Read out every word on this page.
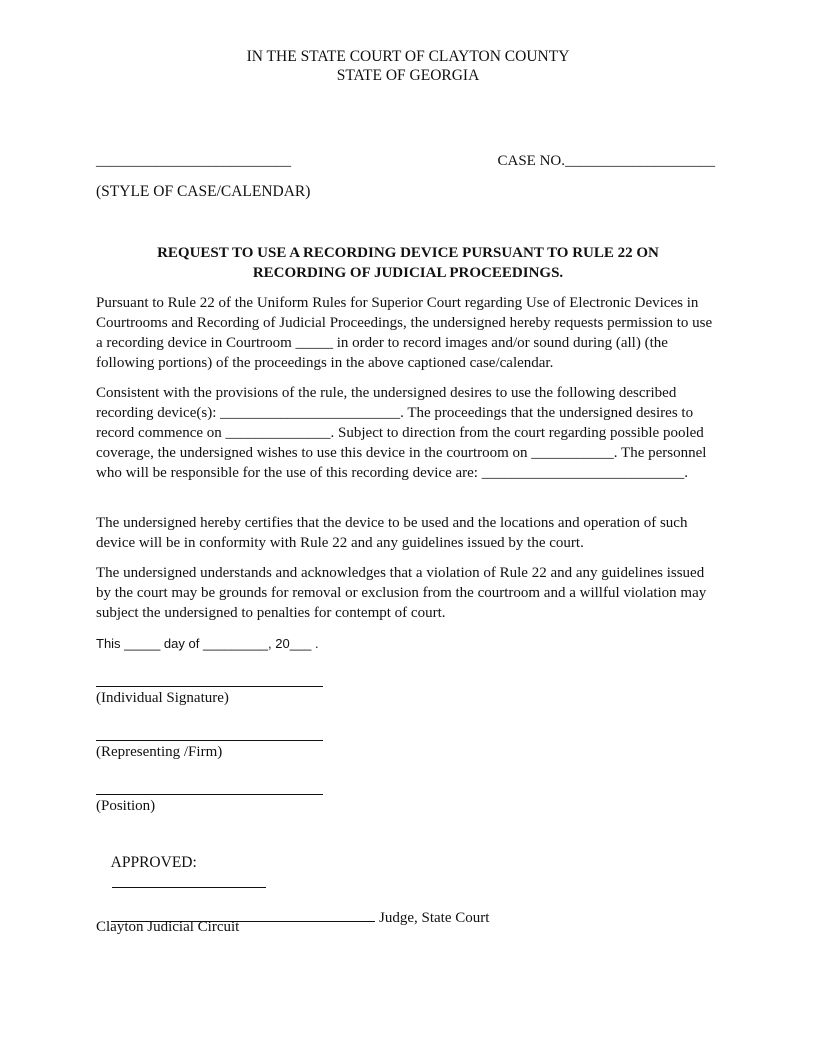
IN THE STATE COURT OF CLAYTON COUNTY
STATE OF GEORGIA
__________________________	CASE NO.____________________
(STYLE OF CASE/CALENDAR)
REQUEST TO USE A RECORDING DEVICE PURSUANT TO RULE 22 ON
RECORDING OF JUDICIAL PROCEEDINGS.

Pursuant to Rule 22 of the Uniform Rules for Superior Court regarding Use of Electronic Devices in Courtrooms and Recording of Judicial Proceedings, the undersigned hereby requests permission to use a recording device in Courtroom _____ in order to record images and/or sound during (all) (the following portions) of the proceedings in the above captioned case/calendar.

Consistent with the provisions of the rule, the undersigned desires to use the following described recording device(s): ________________________. The proceedings that the undersigned desires to record commence on ______________. Subject to direction from the court regarding possible pooled coverage, the undersigned wishes to use this device in the courtroom on ___________. The personnel who will be responsible for the use of this recording device are: ___________________________.

The undersigned hereby certifies that the device to be used and the locations and operation of such device will be in conformity with Rule 22 and any guidelines issued by the court.

The undersigned understands and acknowledges that a violation of Rule 22 and any guidelines issued by the court may be grounds for removal or exclusion from the courtroom and a willful violation may subject the undersigned to penalties for contempt of court.

This _____ day of _________, 20___ .
(Individual Signature)
(Representing /Firm)
(Position)

APPROVED:

Judge, State Court

Clayton Judicial Circuit
